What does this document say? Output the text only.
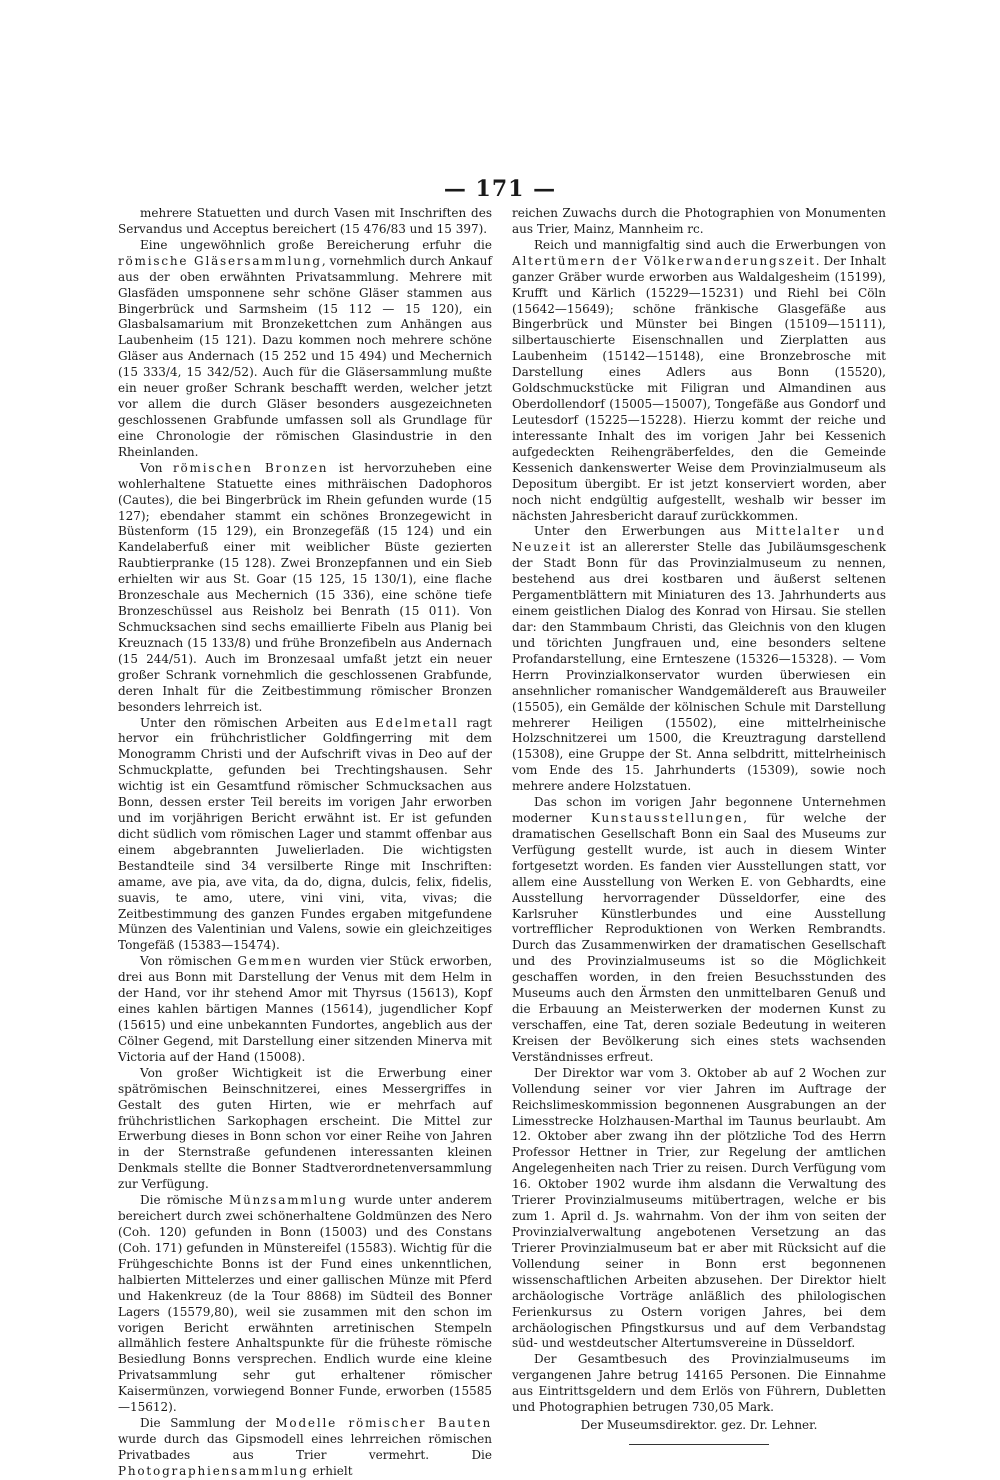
— 171 —

mehrere Statuetten und durch Vasen mit Inschriften des Servandus und Acceptus bereichert (15 476/83 und 15 397).

Eine ungewöhnlich große Bereicherung erfuhr die römische Gläsersammlung, vornehmlich durch Ankauf aus der oben erwähnten Privatsammlung. Mehrere mit Glasfäden umsponnene sehr schöne Gläser stammen aus Bingerbrück und Sarmsheim (15 112 — 15 120), ein Glasbalsamarium mit Bronzekettchen zum Anhängen aus Laubenheim (15 121). Dazu kommen noch mehrere schöne Gläser aus Andernach (15 252 und 15 494) und Mechernich (15 333/4, 15 342/52). Auch für die Gläsersammlung mußte ein neuer großer Schrank beschafft werden, welcher jetzt vor allem die durch Gläser besonders ausgezeichneten geschlossenen Grabfunde umfassen soll als Grundlage für eine Chronologie der römischen Glasindustrie in den Rheinlanden.

Von römischen Bronzen ist hervorzuheben eine wohlerhaltene Statuette eines mithräischen Dadophoros (Cautes), die bei Bingerbrück im Rhein gefunden wurde (15 127); ebendaher stammt ein schönes Bronzegewicht in Büstenform (15 129), ein Bronzegefäß (15 124) und ein Kandelaberfuß einer mit weiblicher Büste gezierten Raubtierpranke (15 128). Zwei Bronzepfannen und ein Sieb erhielten wir aus St. Goar (15 125, 15 130/1), eine flache Bronzeschale aus Mechernich (15 336), eine schöne tiefe Bronzeschüssel aus Reisholz bei Benrath (15 011). Von Schmucksachen sind sechs emaillierte Fibeln aus Planig bei Kreuznach (15 133/8) und frühe Bronzefibeln aus Andernach (15 244/51). Auch im Bronzesaal umfaßt jetzt ein neuer großer Schrank vornehmlich die geschlossenen Grabfunde, deren Inhalt für die Zeitbestimmung römischer Bronzen besonders lehrreich ist.

Unter den römischen Arbeiten aus Edelmetall ragt hervor ein frühchristlicher Goldfingerring mit dem Monogramm Christi und der Aufschrift vivas in Deo auf der Schmuckplatte, gefunden bei Trechtingshausen. Sehr wichtig ist ein Gesamtfund römischer Schmucksachen aus Bonn, dessen erster Teil bereits im vorigen Jahr erworben und im vorjährigen Bericht erwähnt ist. Er ist gefunden dicht südlich vom römischen Lager und stammt offenbar aus einem abgebrannten Juwelierladen. Die wichtigsten Bestandteile sind 34 versilberte Ringe mit Inschriften: amame, ave pia, ave vita, da do, digna, dulcis, felix, fidelis, suavis, te amo, utere, vini vini, vita, vivas; die Zeitbestimmung des ganzen Fundes ergaben mitgefundene Münzen des Valentinian und Valens, sowie ein gleichzeitiges Tongefäß (15383—15474).

Von römischen Gemmen wurden vier Stück erworben, drei aus Bonn mit Darstellung der Venus mit dem Helm in der Hand, vor ihr stehend Amor mit Thyrsus (15613), Kopf eines kahlen bärtigen Mannes (15614), jugendlicher Kopf (15615) und eine unbekannten Fundortes, angeblich aus der Cölner Gegend, mit Darstellung einer sitzenden Minerva mit Victoria auf der Hand (15008).

Von großer Wichtigkeit ist die Erwerbung einer spätrömischen Beinschnitzerei, eines Messergriffes in Gestalt des guten Hirten, wie er mehrfach auf frühchristlichen Sarkophagen erscheint. Die Mittel zur Erwerbung dieses in Bonn schon vor einer Reihe von Jahren in der Sternstraße gefundenen interessanten kleinen Denkmals stellte die Bonner Stadtverordnetenversammlung zur Verfügung.

Die römische Münzsammlung wurde unter anderem bereichert durch zwei schönerhaltene Goldmünzen des Nero (Coh. 120) gefunden in Bonn (15003) und des Constans (Coh. 171) gefunden in Münstereifel (15583). Wichtig für die Frühgeschichte Bonns ist der Fund eines unkenntlichen, halbierten Mittelerzes und einer gallischen Münze mit Pferd und Hakenkreuz (de la Tour 8868) im Südteil des Bonner Lagers (15579,80), weil sie zusammen mit den schon im vorigen Bericht erwähnten arretinischen Stempeln allmählich festere Anhaltspunkte für die früheste römische Besiedlung Bonns versprechen. Endlich wurde eine kleine Privatsammlung sehr gut erhaltener römischer Kaisermünzen, vorwiegend Bonner Funde, erworben (15585—15612).

Die Sammlung der Modelle römischer Bauten wurde durch das Gipsmodell eines lehrreichen römischen Privatbades aus Trier vermehrt. Die Photographiensammlung erhielt

reichen Zuwachs durch die Photographien von Monumenten aus Trier, Mainz, Mannheim rc.

Reich und mannigfaltig sind auch die Erwerbungen von Altertümern der Völkerwanderungszeit. Der Inhalt ganzer Gräber wurde erworben aus Waldalgesheim (15199), Krufft und Kärlich (15229—15231) und Riehl bei Cöln (15642—15649); schöne fränkische Glasgefäße aus Bingerbrück und Münster bei Bingen (15109—15111), silbertauschierte Eisenschnallen und Zierplatten aus Laubenheim (15142—15148), eine Bronzebrosche mit Darstellung eines Adlers aus Bonn (15520), Goldschmuckstücke mit Filigran und Almandinen aus Oberdollendorf (15005—15007), Tongefäße aus Gondorf und Leutesdorf (15225—15228). Hierzu kommt der reiche und interessante Inhalt des im vorigen Jahr bei Kessenich aufgedeckten Reihengräberfeldes, den die Gemeinde Kessenich dankenswerter Weise dem Provinzialmuseum als Depositum übergibt. Er ist jetzt konserviert worden, aber noch nicht endgültig aufgestellt, weshalb wir besser im nächsten Jahresbericht darauf zurückkommen.

Unter den Erwerbungen aus Mittelalter und Neuzeit ist an allererster Stelle das Jubiläumsgeschenk der Stadt Bonn für das Provinzialmuseum zu nennen, bestehend aus drei kostbaren und äußerst seltenen Pergamentblättern mit Miniaturen des 13. Jahrhunderts aus einem geistlichen Dialog des Konrad von Hirsau. Sie stellen dar: den Stammbaum Christi, das Gleichnis von den klugen und törichten Jungfrauen und, eine besonders seltene Profandarstellung, eine Ernteszene (15326—15328). — Vom Herrn Provinzialkonservator wurden überwiesen ein ansehnlicher romanischer Wandgemäldereſt aus Brauweiler (15505), ein Gemälde der kölnischen Schule mit Darstellung mehrerer Heiligen (15502), eine mittelrheinische Holzschnitzerei um 1500, die Kreuztragung darstellend (15308), eine Gruppe der St. Anna selbdritt, mittelrheinisch vom Ende des 15. Jahrhunderts (15309), sowie noch mehrere andere Holzstatuen.

Das schon im vorigen Jahr begonnene Unternehmen moderner Kunstausstellungen, für welche der dramatischen Gesellschaft Bonn ein Saal des Museums zur Verfügung gestellt wurde, ist auch in diesem Winter fortgesetzt worden. Es fanden vier Ausstellungen statt, vor allem eine Ausstellung von Werken E. von Gebhardts, eine Ausstellung hervorragender Düsseldorfer, eine des Karlsruher Künstlerbundes und eine Ausstellung vortrefflicher Reproduktionen von Werken Rembrandts. Durch das Zusammenwirken der dramatischen Gesellschaft und des Provinzialmuseums ist so die Möglichkeit geschaffen worden, in den freien Besuchsstunden des Museums auch den Ärmsten den unmittelbaren Genuß und die Erbauung an Meisterwerken der modernen Kunst zu verschaffen, eine Tat, deren soziale Bedeutung in weiteren Kreisen der Bevölkerung sich eines stets wachsenden Verständnisses erfreut.

Der Direktor war vom 3. Oktober ab auf 2 Wochen zur Vollendung seiner vor vier Jahren im Auftrage der Reichslimeskommission begonnenen Ausgrabungen an der Limesstrecke Holzhausen-Marthal im Taunus beurlaubt. Am 12. Oktober aber zwang ihn der plötzliche Tod des Herrn Professor Hettner in Trier, zur Regelung der amtlichen Angelegenheiten nach Trier zu reisen. Durch Verfügung vom 16. Oktober 1902 wurde ihm alsdann die Verwaltung des Trierer Provinzialmuseums mitübertragen, welche er bis zum 1. April d. Js. wahrnahm. Von der ihm von seiten der Provinzialverwaltung angebotenen Versetzung an das Trierer Provinzialmuseum bat er aber mit Rücksicht auf die Vollendung seiner in Bonn erst begonnenen wissenschaftlichen Arbeiten abzusehen. Der Direktor hielt archäologische Vorträge anläßlich des philologischen Ferienkursus zu Ostern vorigen Jahres, bei dem archäologischen Pfingstkursus und auf dem Verbandstag süd- und westdeutscher Altertumsvereine in Düsseldorf.

Der Gesamtbesuch des Provinzialmuseums im vergangenen Jahre betrug 14165 Personen. Die Einnahme aus Eintrittsgeldern und dem Erlös von Führern, Dubletten und Photographien betrugen 730,05 Mark.

Der Museumsdirektor. gez. Dr. Lehner.
